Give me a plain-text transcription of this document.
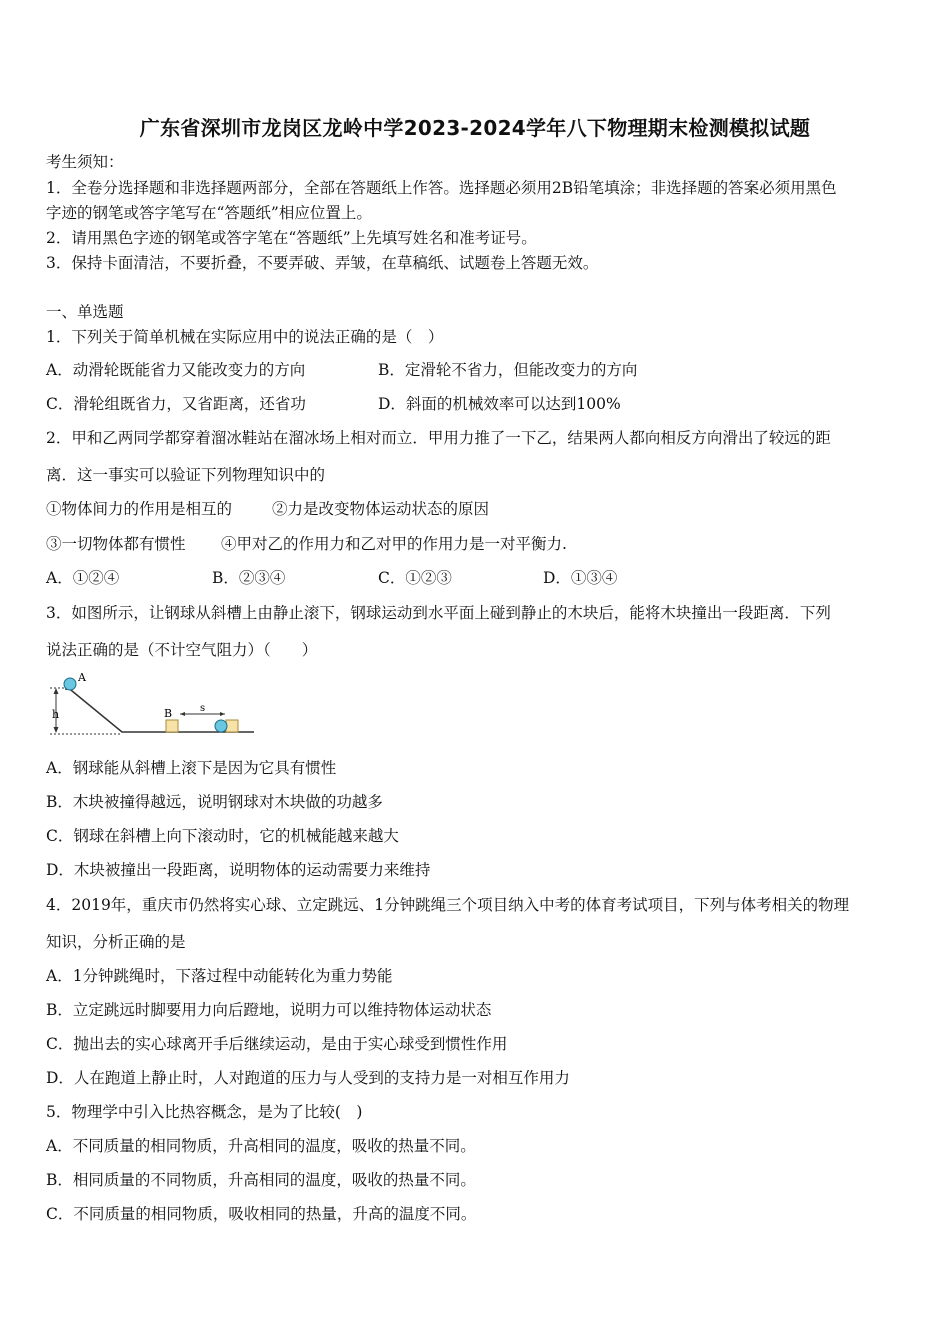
广东省深圳市龙岗区龙岭中学2023-2024学年八下物理期末检测模拟试题
考生须知：
1．全卷分选择题和非选择题两部分，全部在答题纸上作答。选择题必须用2B铅笔填涂；非选择题的答案必须用黑色
字迹的钢笔或答字笔写在“答题纸”相应位置上。
2．请用黑色字迹的钢笔或答字笔在“答题纸”上先填写姓名和准考证号。
3．保持卡面清洁，不要折叠，不要弄破、弄皱，在草稿纸、试题卷上答题无效。
一、单选题
1．下列关于简单机械在实际应用中的说法正确的是（　）
A．动滑轮既能省力又能改变力的方向	B．定滑轮不省力，但能改变力的方向
C．滑轮组既省力，又省距离，还省功	D．斜面的机械效率可以达到100%
2．甲和乙两同学都穿着溜冰鞋站在溜冰场上相对而立．甲用力推了一下乙，结果两人都向相反方向滑出了较远的距
离．这一事实可以验证下列物理知识中的
①物体间力的作用是相互的	②力是改变物体运动状态的原因
③一切物体都有惯性 ④甲对乙的作用力和乙对甲的作用力是一对平衡力.
A．①②④	B．②③④	C．①②③	D．①③④
3．如图所示，让钢球从斜槽上由静止滚下，钢球运动到水平面上碰到静止的木块后，能将木块撞出一段距离．下列
说法正确的是（不计空气阻力）（　　）
h
A
B	s
A．钢球能从斜槽上滚下是因为它具有惯性
B．木块被撞得越远，说明钢球对木块做的功越多
C．钢球在斜槽上向下滚动时，它的机械能越来越大
D．木块被撞出一段距离，说明物体的运动需要力来维持
4．2019年，重庆市仍然将实心球、立定跳远、1分钟跳绳三个项目纳入中考的体育考试项目，下列与体考相关的物理
知识，分析正确的是
A．1分钟跳绳时，下落过程中动能转化为重力势能
B．立定跳远时脚要用力向后蹬地，说明力可以维持物体运动状态
C．抛出去的实心球离开手后继续运动，是由于实心球受到惯性作用
D．人在跑道上静止时，人对跑道的压力与人受到的支持力是一对相互作用力
5．物理学中引入比热容概念，是为了比较(　)
A．不同质量的相同物质，升高相同的温度，吸收的热量不同。
B．相同质量的不同物质，升高相同的温度，吸收的热量不同。
C．不同质量的相同物质，吸收相同的热量，升高的温度不同。
